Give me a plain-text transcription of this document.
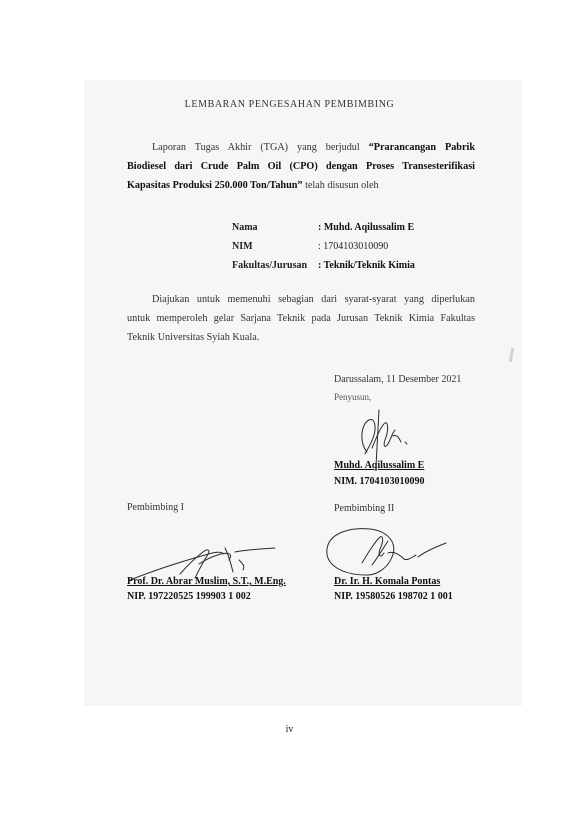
LEMBARAN PENGESAHAN PEMBIMBING
Laporan Tugas Akhir (TGA) yang berjudul “Prarancangan Pabrik
Biodiesel dari Crude Palm Oil (CPO) dengan Proses Transesterifikasi
Kapasitas Produksi 250.000 Ton/Tahun” telah disusun oleh
Nama	: Muhd. Aqilussalim E
NIM	: 1704103010090
Fakultas/Jurusan : Teknik/Teknik Kimia
Diajukan untuk memenuhi sebagian dari syarat-syarat yang diperlukan
untuk memperoleh gelar Sarjana Teknik pada Jurusan Teknik Kimia Fakultas
Teknik Universitas Syiah Kuala.
Darussalam, 11 Desember 2021
Penyusun,
Muhd. Aqilussalim E
NIM. 1704103010090
Pembimbing I	Pembimbing II
Prof. Dr. Abrar Muslim, S.T., M.Eng.
NIP. 197220525 199903 1 002
Dr. Ir. H. Komala Pontas
NIP. 19580526 198702 1 001
iv
